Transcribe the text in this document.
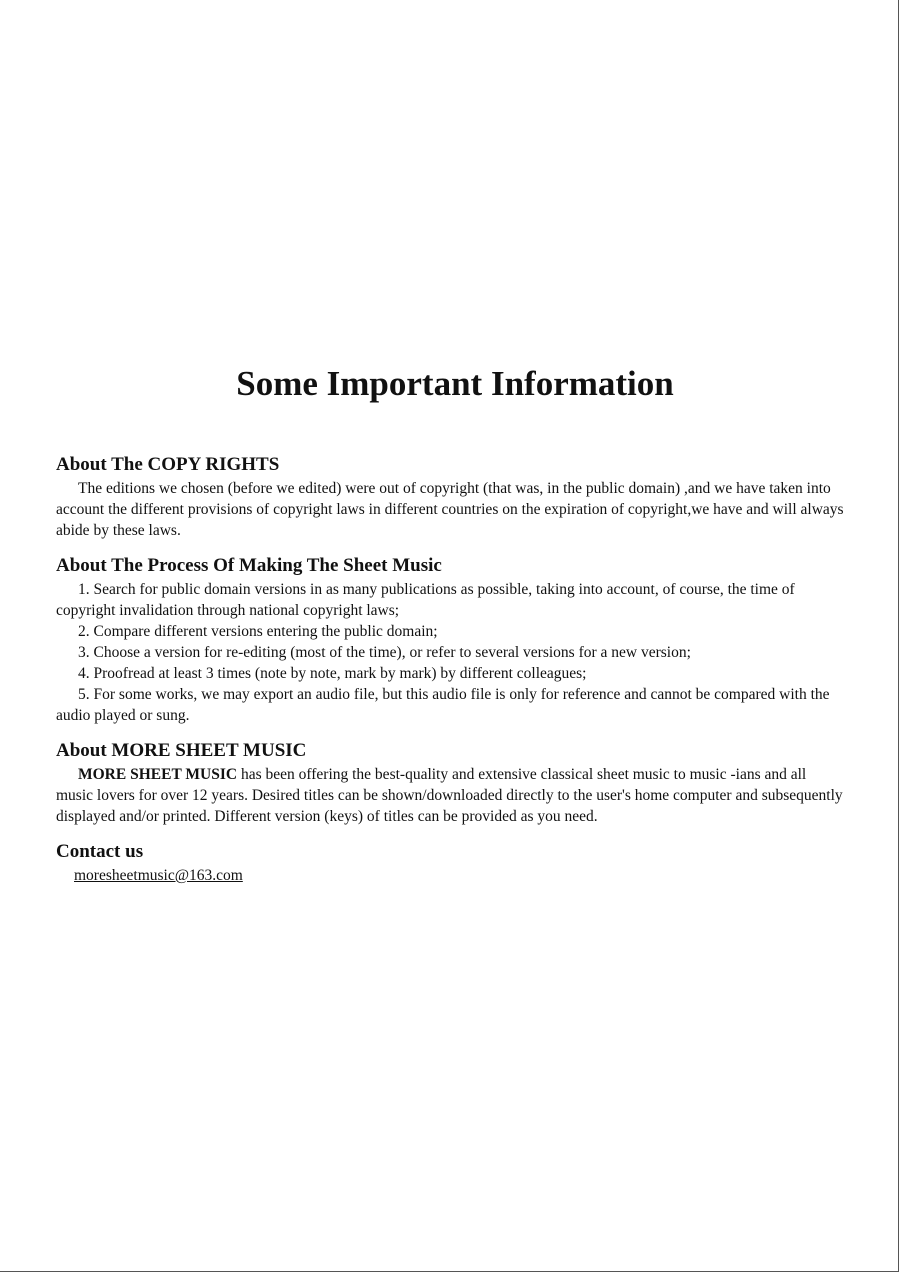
Some Important Information
About The COPY RIGHTS

The editions we chosen (before we edited) were out of copyright (that was, in the public domain) ,and we have taken into account the different provisions of copyright laws in different countries on the expiration of copyright,we have and will always abide by these laws.

About The Process Of Making The Sheet Music
1. Search for public domain versions in as many publications as possible, taking into account, of course, the time of copyright invalidation through national copyright laws;
2. Compare different versions entering the public domain;
3. Choose a version for re-editing (most of the time), or refer to several versions for a new version;
4. Proofread at least 3 times (note by note, mark by mark) by different colleagues;
5. For some works, we may export an audio file, but this audio file is only for reference and cannot be compared with the audio played or sung.
About MORE SHEET MUSIC

MORE SHEET MUSIC has been offering the best-quality and extensive classical sheet music to music -ians and all music lovers for over 12 years. Desired titles can be shown/downloaded directly to the user's home computer and subsequently displayed and/or printed. Different version (keys) of titles can be provided as you need.

Contact us
moresheetmusic@163.com
